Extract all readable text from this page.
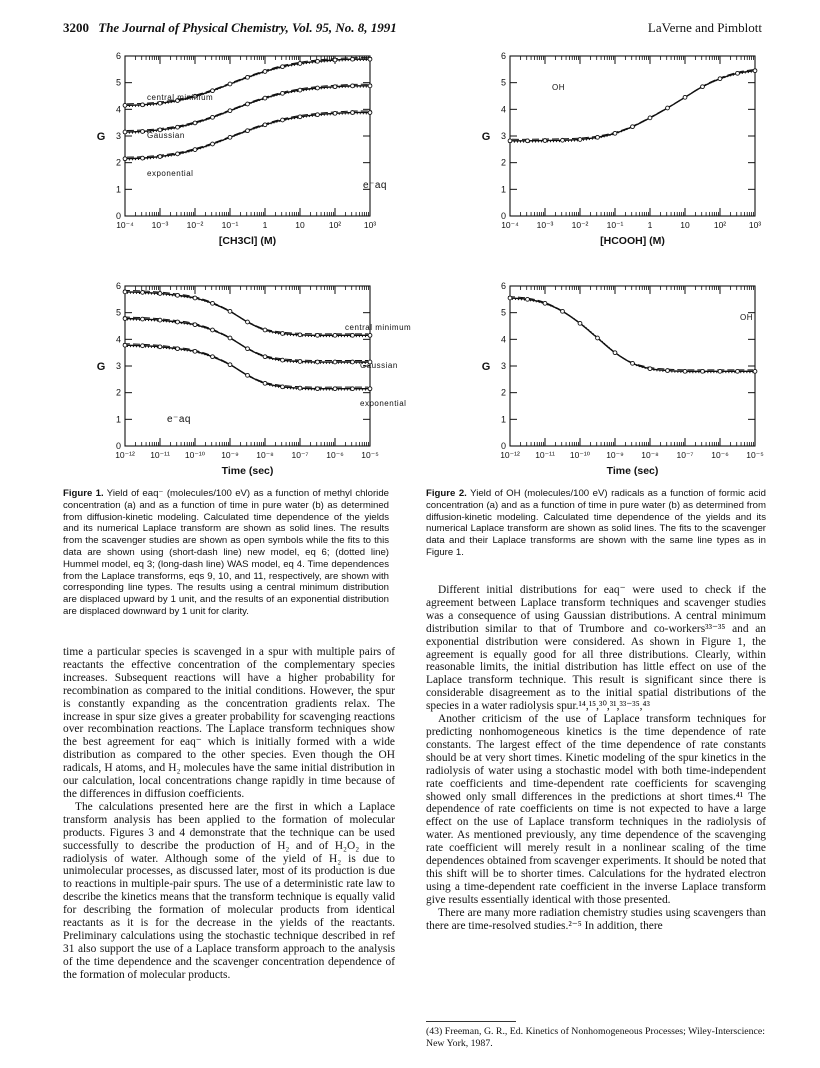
3200 The Journal of Physical Chemistry, Vol. 95, No. 8, 1991	LaVerne and Pimblott
0
1
2
3
4
5
6
10⁻⁴ 10⁻³ 10⁻² 10⁻¹	1	10	10²	10³
G
[CH3Cl] (M)
central minimum
Gaussian
exponential
e⁻aq
0
1
2
3
4
5
6
10⁻⁴ 10⁻³ 10⁻² 10⁻¹	1	10	10²	10³
G
[HCOOH] (M)
OH
0
1
2
3
4
5
6
10⁻¹² 10⁻¹¹ 10⁻¹⁰ 10⁻⁹ 10⁻⁸ 10⁻⁷ 10⁻⁶ 10⁻⁵
G
Time (sec)
central minimum
Gaussian
exponential
e⁻aq
0
1
2
3
4
5
6
10⁻¹² 10⁻¹¹ 10⁻¹⁰ 10⁻⁹ 10⁻⁸ 10⁻⁷ 10⁻⁶ 10⁻⁵
G
Time (sec)
OH

Figure 1. Yield of eaq⁻ (molecules/100 eV) as a function of methyl chloride concentration (a) and as a function of time in pure water (b) as determined from diffusion-kinetic modeling. Calculated time dependence of the yields and its numerical Laplace transform are shown as solid lines. The results from the scavenger studies are shown as open symbols while the fits to this data are shown using (short-dash line) new model, eq 6; (dotted line) Hummel model, eq 3; (long-dash line) WAS model, eq 4. Time dependences from the Laplace transforms, eqs 9, 10, and 11, respectively, are shown with corresponding line types. The results using a central minimum distribution are displaced upward by 1 unit, and the results of an exponential distribution are displaced downward by 1 unit for clarity.

Figure 2. Yield of OH (molecules/100 eV) radicals as a function of formic acid concentration (a) and as a function of time in pure water (b) as determined from diffusion-kinetic modeling. Calculated time dependence of the yields and its numerical Laplace transform are shown as solid lines. The fits to the scavenger data and their Laplace transforms are shown with the same line types as in Figure 1.

time a particular species is scavenged in a spur with multiple pairs of reactants the effective concentration of the complementary species increases. Subsequent reactions will have a higher probability for recombination as compared to the initial conditions. However, the spur is constantly expanding as the concentration gradients relax. The increase in spur size gives a greater probability for scavenging reactions over recombination reactions. The Laplace transform techniques show the best agreement for eaq⁻ which is initially formed with a wide distribution as compared to the other species. Even though the OH radicals, H atoms, and H₂ molecules have the same initial distribution in our calculation, local concentrations change rapidly in time because of the differences in diffusion coefficients.

The calculations presented here are the first in which a Laplace transform analysis has been applied to the formation of molecular products. Figures 3 and 4 demonstrate that the technique can be used successfully to describe the production of H₂ and of H₂O₂ in the radiolysis of water. Although some of the yield of H₂ is due to unimolecular processes, as discussed later, most of its production is due to reactions in multiple-pair spurs. The use of a deterministic rate law to describe the kinetics means that the transform technique is equally valid for describing the formation of molecular products from identical reactants as it is for the decrease in the yields of the reactants. Preliminary calculations using the stochastic technique described in ref 31 also support the use of a Laplace transform approach to the analysis of the time dependence and the scavenger concentration dependence of the formation of molecular products.

Different initial distributions for eaq⁻ were used to check if the agreement between Laplace transform techniques and scavenger studies was a consequence of using Gaussian distributions. A central minimum distribution similar to that of Trumbore and co-workers³³⁻³⁵ and an exponential distribution were considered. As shown in Figure 1, the agreement is equally good for all three distributions. Clearly, within reasonable limits, the initial distribution has little effect on use of the Laplace transform technique. This result is significant since there is considerable disagreement as to the initial spatial distributions of the species in a water radiolysis spur.¹⁴,¹⁵,³⁰,³¹,³³⁻³⁵,⁴³

Another criticism of the use of Laplace transform techniques for predicting nonhomogeneous kinetics is the time dependence of rate constants. The largest effect of the time dependence of rate constants should be at very short times. Kinetic modeling of the spur kinetics in the radiolysis of water using a stochastic model with both time-independent rate coefficients and time-dependent rate coefficients for scavenging showed only small differences in the predictions at short times.⁴¹ The dependence of rate coefficients on time is not expected to have a large effect on the use of Laplace transform techniques in the radiolysis of water. As mentioned previously, any time dependence of the scavenging rate coefficient will merely result in a nonlinear scaling of the time dependences obtained from scavenger experiments. It should be noted that this shift will be to shorter times. Calculations for the hydrated electron using a time-dependent rate coefficient in the inverse Laplace transform give results essentially identical with those presented.

There are many more radiation chemistry studies using scavengers than there are time-resolved studies.²⁻⁵ In addition, there

(43) Freeman, G. R., Ed. Kinetics of Nonhomogeneous Processes; Wiley-Interscience: New York, 1987.
